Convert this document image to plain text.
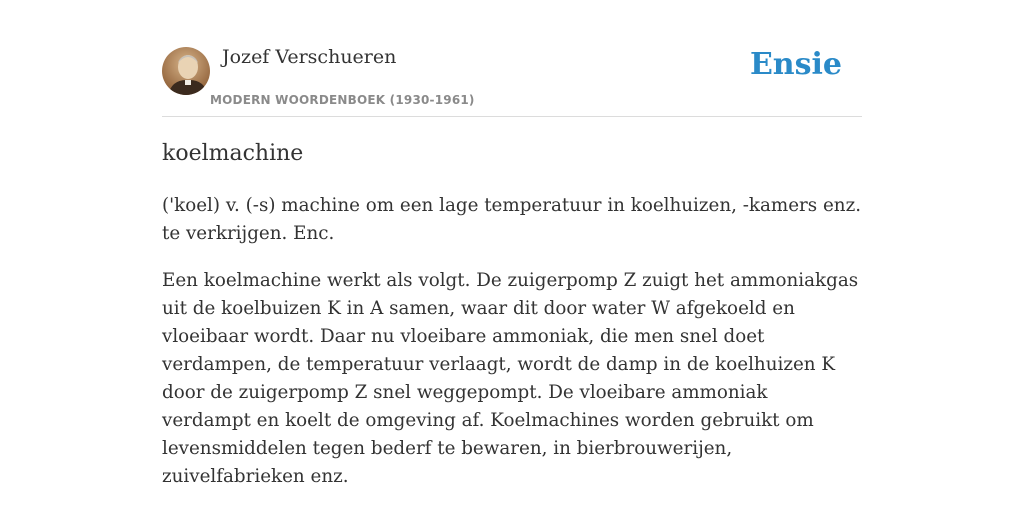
Jozef Verschueren
MODERN WOORDENBOEK (1930-1961)
Ensie
koelmachine

('koel) v. (-s) machine om een lage temperatuur in koelhuizen, -kamers enz. te verkrijgen. Enc.

Een koelmachine werkt als volgt. De zuigerpomp Z zuigt het ammoniakgas uit de koelbuizen K in A samen, waar dit door water W afgekoeld en vloeibaar wordt. Daar nu vloeibare ammoniak, die men snel doet verdampen, de temperatuur verlaagt, wordt de damp in de koelhuizen K door de zuigerpomp Z snel weggepompt. De vloeibare ammoniak verdampt en koelt de omgeving af. Koelmachines worden gebruikt om levensmiddelen tegen bederf te bewaren, in bierbrouwerijen, zuivelfabrieken enz.
